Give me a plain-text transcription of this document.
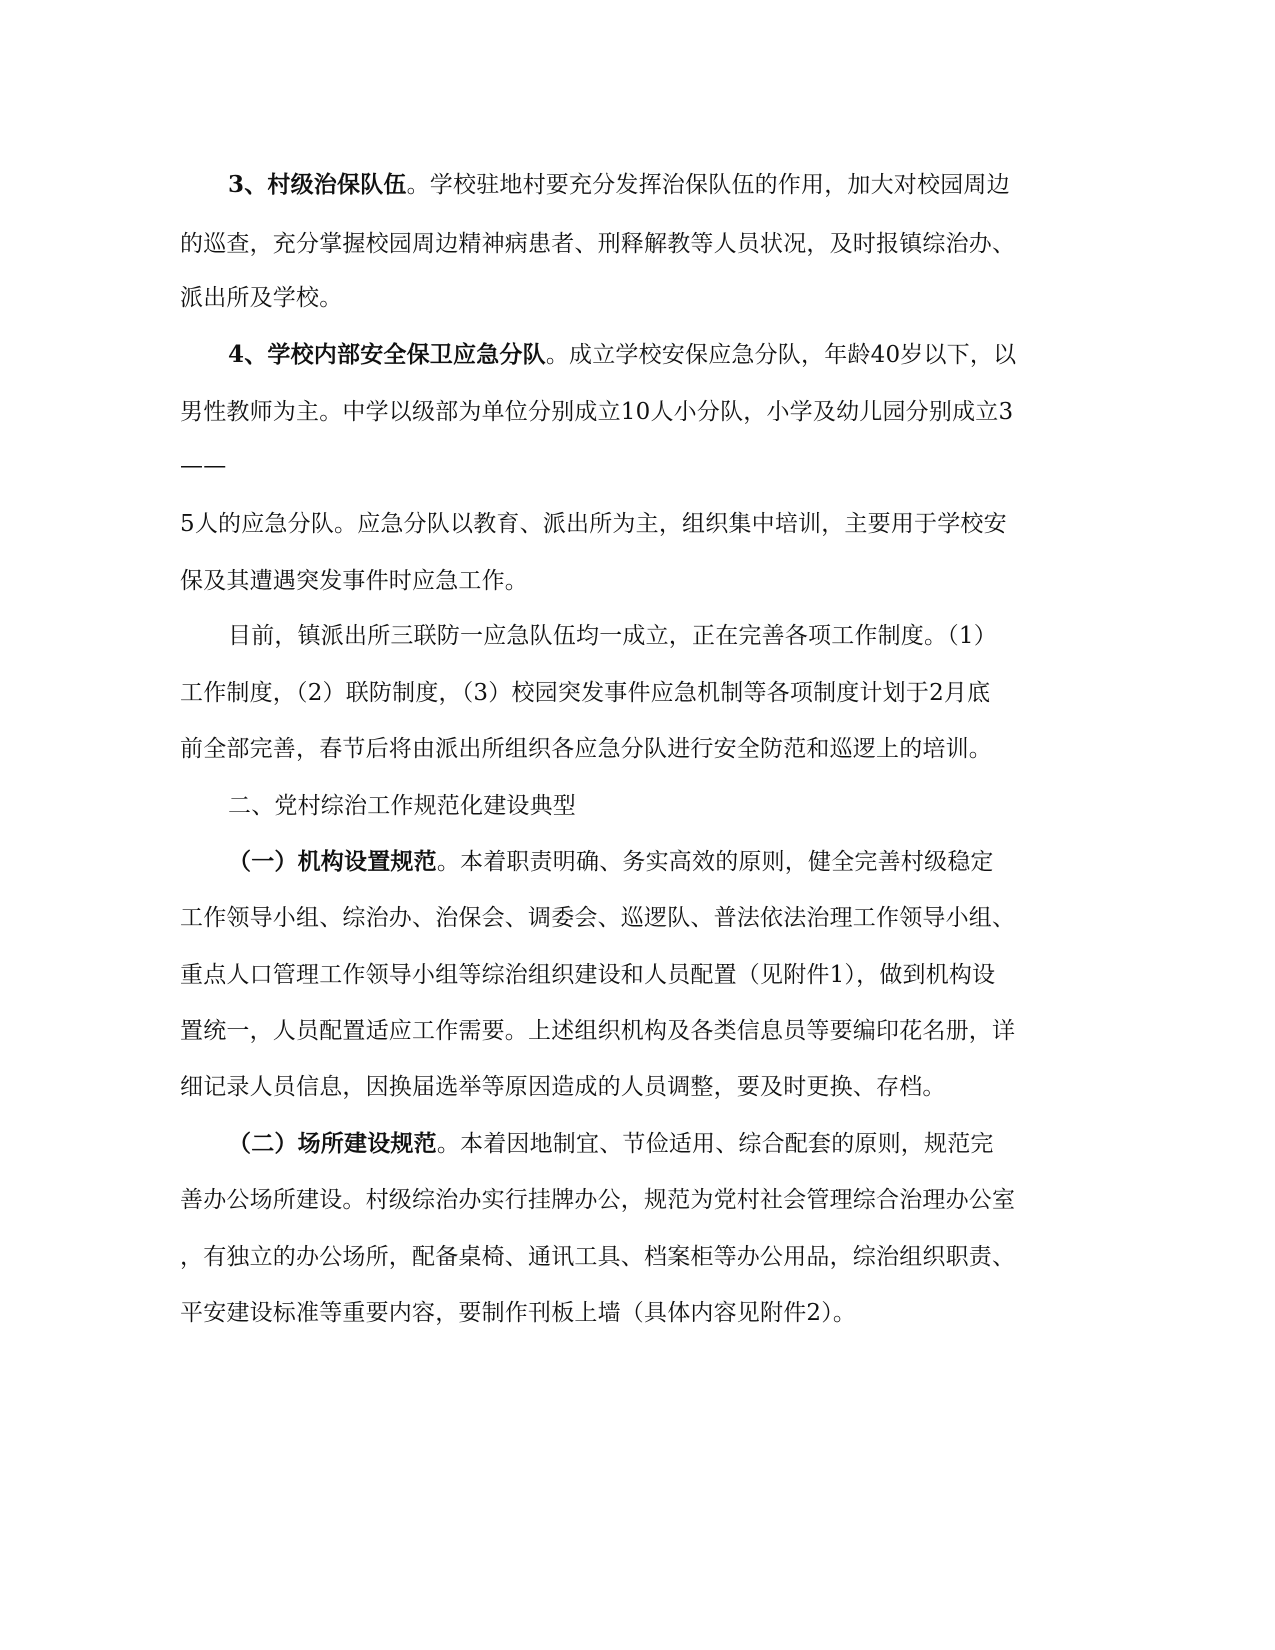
3、村级治保队伍。学校驻地村要充分发挥治保队伍的作用，加大对校园周边
的巡查，充分掌握校园周边精神病患者、刑释解教等人员状况，及时报镇综治办、
派出所及学校。
4、学校内部安全保卫应急分队。成立学校安保应急分队，年龄40岁以下，以
男性教师为主。中学以级部为单位分别成立10人小分队，小学及幼儿园分别成立3
——
5人的应急分队。应急分队以教育、派出所为主，组织集中培训，主要用于学校安
保及其遭遇突发事件时应急工作。
目前，镇派出所三联防一应急队伍均一成立，正在完善各项工作制度。（1）
工作制度，（2）联防制度，（3）校园突发事件应急机制等各项制度计划于2月底
前全部完善，春节后将由派出所组织各应急分队进行安全防范和巡逻上的培训。
二、党村综治工作规范化建设典型
（一）机构设置规范。本着职责明确、务实高效的原则，健全完善村级稳定
工作领导小组、综治办、治保会、调委会、巡逻队、普法依法治理工作领导小组、
重点人口管理工作领导小组等综治组织建设和人员配置（见附件1），做到机构设
置统一，人员配置适应工作需要。上述组织机构及各类信息员等要编印花名册，详
细记录人员信息，因换届选举等原因造成的人员调整，要及时更换、存档。
（二）场所建设规范。本着因地制宜、节俭适用、综合配套的原则，规范完
善办公场所建设。村级综治办实行挂牌办公，规范为党村社会管理综合治理办公室
，有独立的办公场所，配备桌椅、通讯工具、档案柜等办公用品，综治组织职责、
平安建设标准等重要内容，要制作刊板上墙（具体内容见附件2）。
